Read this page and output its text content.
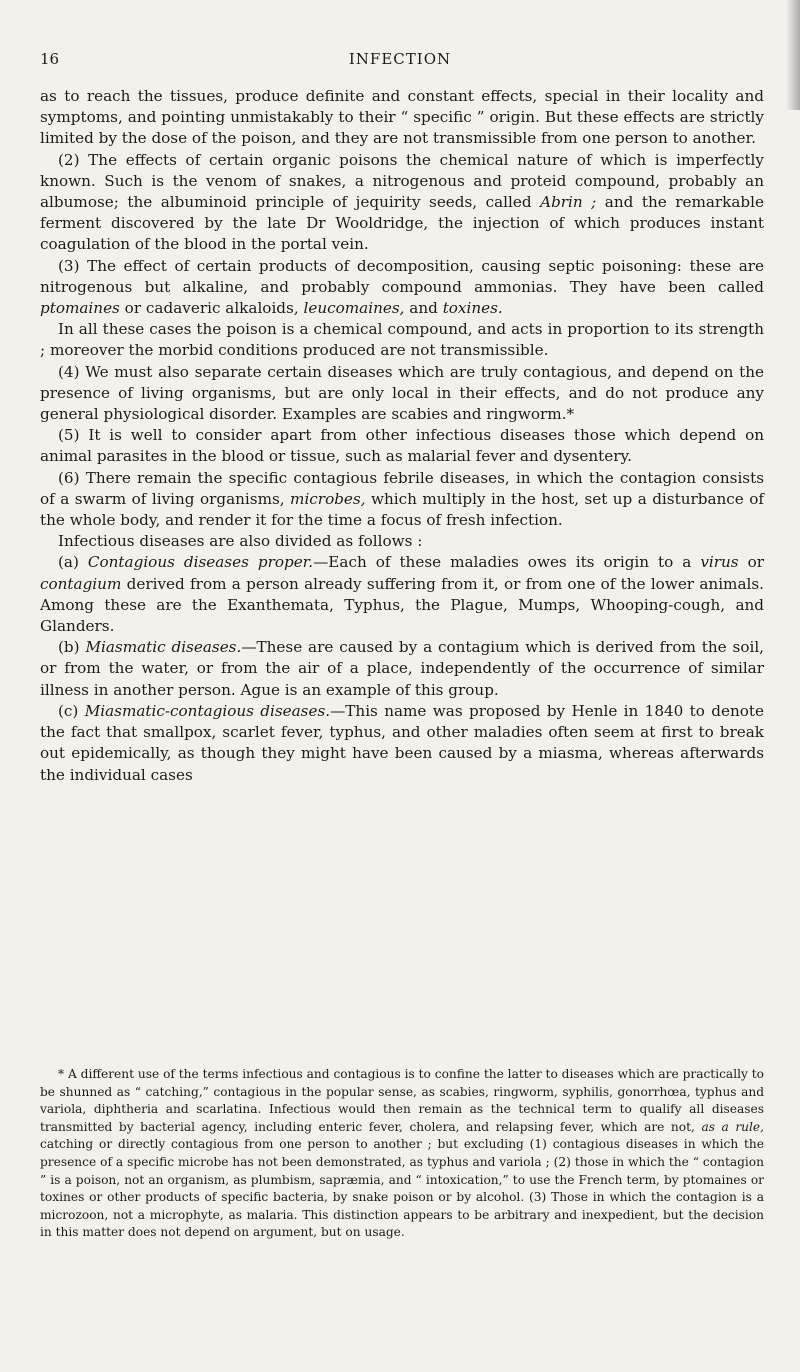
16	INFECTION

as to reach the tissues, produce definite and constant effects, special in their locality and symptoms, and pointing unmistakably to their “ specific ” origin. But these effects are strictly limited by the dose of the poison, and they are not transmissible from one person to another.

(2) The effects of certain organic poisons the chemical nature of which is imperfectly known. Such is the venom of snakes, a nitrogenous and proteid compound, probably an albumose; the albuminoid principle of jequirity seeds, called Abrin ; and the remarkable ferment discovered by the late Dr Wooldridge, the injection of which produces instant coagulation of the blood in the portal vein.

(3) The effect of certain products of decomposition, causing septic poisoning: these are nitrogenous but alkaline, and probably compound ammonias. They have been called ptomaines or cadaveric alkaloids, leucomaines, and toxines.

In all these cases the poison is a chemical compound, and acts in proportion to its strength ; moreover the morbid conditions produced are not transmissible.

(4) We must also separate certain diseases which are truly contagious, and depend on the presence of living organisms, but are only local in their effects, and do not produce any general physiological disorder. Examples are scabies and ringworm.*

(5) It is well to consider apart from other infectious diseases those which depend on animal parasites in the blood or tissue, such as malarial fever and dysentery.

(6) There remain the specific contagious febrile diseases, in which the contagion consists of a swarm of living organisms, microbes, which multiply in the host, set up a disturbance of the whole body, and render it for the time a focus of fresh infection.

Infectious diseases are also divided as follows :

(a) Contagious diseases proper.—Each of these maladies owes its origin to a virus or contagium derived from a person already suffering from it, or from one of the lower animals. Among these are the Exanthemata, Typhus, the Plague, Mumps, Whooping-cough, and Glanders.

(b) Miasmatic diseases.—These are caused by a contagium which is derived from the soil, or from the water, or from the air of a place, independently of the occurrence of similar illness in another person. Ague is an example of this group.

(c) Miasmatic-contagious diseases.—This name was proposed by Henle in 1840 to denote the fact that smallpox, scarlet fever, typhus, and other maladies often seem at first to break out epidemically, as though they might have been caused by a miasma, whereas afterwards the individual cases

* A different use of the terms infectious and contagious is to confine the latter to diseases which are practically to be shunned as “ catching,” contagious in the popular sense, as scabies, ringworm, syphilis, gonorrhœa, typhus and variola, diphtheria and scarlatina. Infectious would then remain as the technical term to qualify all diseases transmitted by bacterial agency, including enteric fever, cholera, and relapsing fever, which are not, as a rule, catching or directly contagious from one person to another ; but excluding (1) contagious diseases in which the presence of a specific microbe has not been demonstrated, as typhus and variola ; (2) those in which the “ contagion ” is a poison, not an organism, as plumbism, sapræmia, and “ intoxication,” to use the French term, by ptomaines or toxines or other products of specific bacteria, by snake poison or by alcohol. (3) Those in which the contagion is a microzoon, not a microphyte, as malaria. This distinction appears to be arbitrary and inexpedient, but the decision in this matter does not depend on argument, but on usage.
